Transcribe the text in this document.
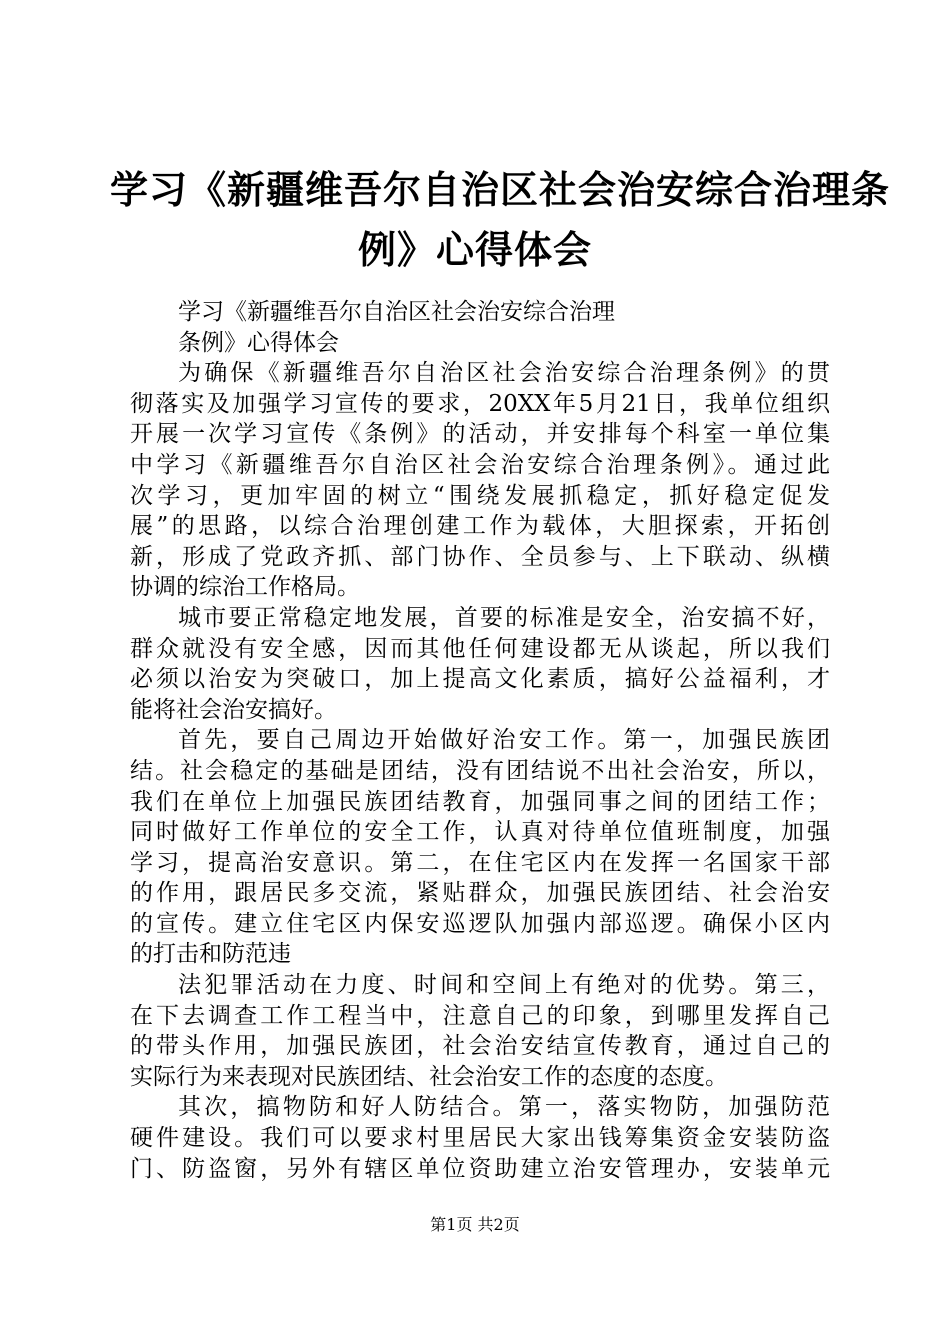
学习《新疆维吾尔自治区社会治安综合治理条
例》心得体会
学习《新疆维吾尔自治区社会治安综合治理
条例》心得体会
为确保《新疆维吾尔自治区社会治安综合治理条例》的贯
彻落实及加强学习宣传的要求，20XX年5月21日，我单位组织
开展一次学习宣传《条例》的活动，并安排每个科室一单位集
中学习《新疆维吾尔自治区社会治安综合治理条例》。通过此
次学习，更加牢固的树立“围绕发展抓稳定，抓好稳定促发
展”的思路，以综合治理创建工作为载体，大胆探索，开拓创
新，形成了党政齐抓、部门协作、全员参与、上下联动、纵横
协调的综治工作格局。
城市要正常稳定地发展，首要的标准是安全，治安搞不好，
群众就没有安全感，因而其他任何建设都无从谈起，所以我们
必须以治安为突破口，加上提高文化素质，搞好公益福利，才
能将社会治安搞好。
首先，要自己周边开始做好治安工作。第一，加强民族团
结。社会稳定的基础是团结，没有团结说不出社会治安，所以，
我们在单位上加强民族团结教育，加强同事之间的团结工作；
同时做好工作单位的安全工作，认真对待单位值班制度，加强
学习，提高治安意识。第二，在住宅区内在发挥一名国家干部
的作用，跟居民多交流，紧贴群众，加强民族团结、社会治安
的宣传。建立住宅区内保安巡逻队加强内部巡逻。确保小区内
的打击和防范违
法犯罪活动在力度、时间和空间上有绝对的优势。第三，
在下去调查工作工程当中，注意自己的印象，到哪里发挥自己
的带头作用，加强民族团，社会治安结宣传教育，通过自己的
实际行为来表现对民族团结、社会治安工作的态度的态度。
其次，搞物防和好人防结合。第一，落实物防，加强防范
硬件建设。我们可以要求村里居民大家出钱筹集资金安装防盗
门、防盗窗，另外有辖区单位资助建立治安管理办，安装单元
第1页 共2页
